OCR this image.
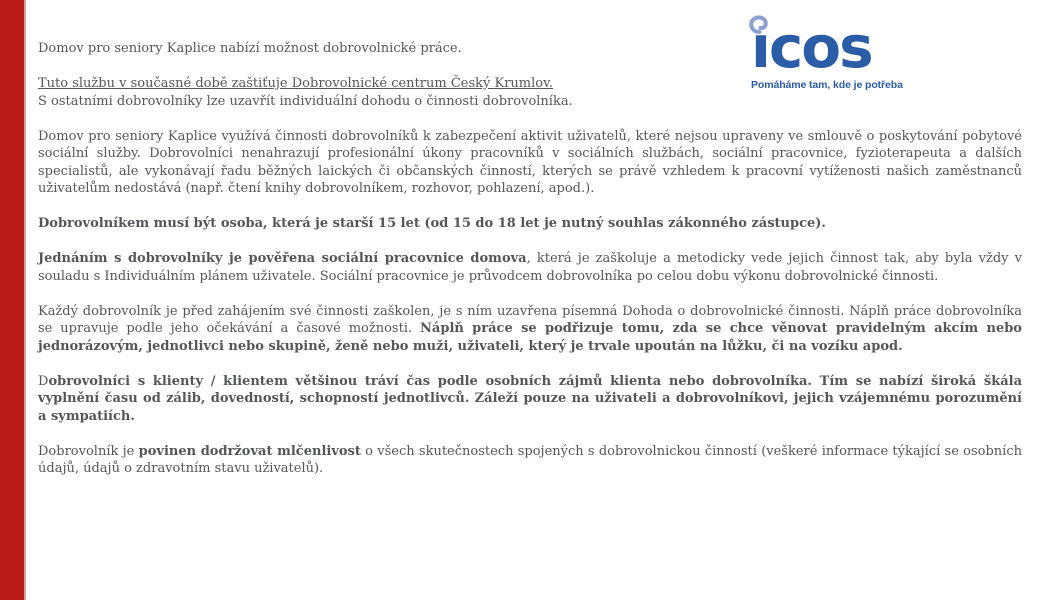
ıcos
Pomáháme tam, kde je potřeba

Domov pro seniory Kaplice nabízí možnost dobrovolnické práce.

Tuto službu v současné době zaštiťuje Dobrovolnické centrum Český Krumlov.
S ostatními dobrovolníky lze uzavřít individuální dohodu o činnosti dobrovolníka.

Domov pro seniory Kaplice využívá činnosti dobrovolníků k zabezpečení aktivit uživatelů, které nejsou upraveny ve smlouvě o poskytování pobytové sociální služby. Dobrovolníci nenahrazují profesionální úkony pracovníků v sociálních službách, sociální pracovnice, fyzioterapeuta a dalších specialistů, ale vykonávají řadu běžných laických či občanských činností, kterých se právě vzhledem k pracovní vytíženosti našich zaměstnanců uživatelům nedostává (např. čtení knihy dobrovolníkem, rozhovor, pohlazení, apod.).

Dobrovolníkem musí být osoba, která je starší 15 let (od 15 do 18 let je nutný souhlas zákonného zástupce).

Jednáním s dobrovolníky je pověřena sociální pracovnice domova, která je zaškoluje a metodicky vede jejich činnost tak, aby byla vždy v souladu s Individuálním plánem uživatele. Sociální pracovnice je průvodcem dobrovolníka po celou dobu výkonu dobrovolnické činnosti.

Každý dobrovolník je před zahájením své činnosti zaškolen, je s ním uzavřena písemná Dohoda o dobrovolnické činnosti. Náplň práce dobrovolníka se upravuje podle jeho očekávání a časové možnosti. Náplň práce se podřizuje tomu, zda se chce věnovat pravidelným akcím nebo jednorázovým, jednotlivci nebo skupině, ženě nebo muži, uživateli, který je trvale upoután na lůžku, či na vozíku apod.

Dobrovolníci s klienty / klientem většinou tráví čas podle osobních zájmů klienta nebo dobrovolníka. Tím se nabízí široká škála vyplnění času od zálib, dovedností, schopností jednotlivců. Záleží pouze na uživateli a dobrovolníkovi, jejich vzájemnému porozumění a sympatiích.

Dobrovolník je povinen dodržovat mlčenlivost o všech skutečnostech spojených s dobrovolnickou činností (veškeré informace týkající se osobních údajů, údajů o zdravotním stavu uživatelů).
